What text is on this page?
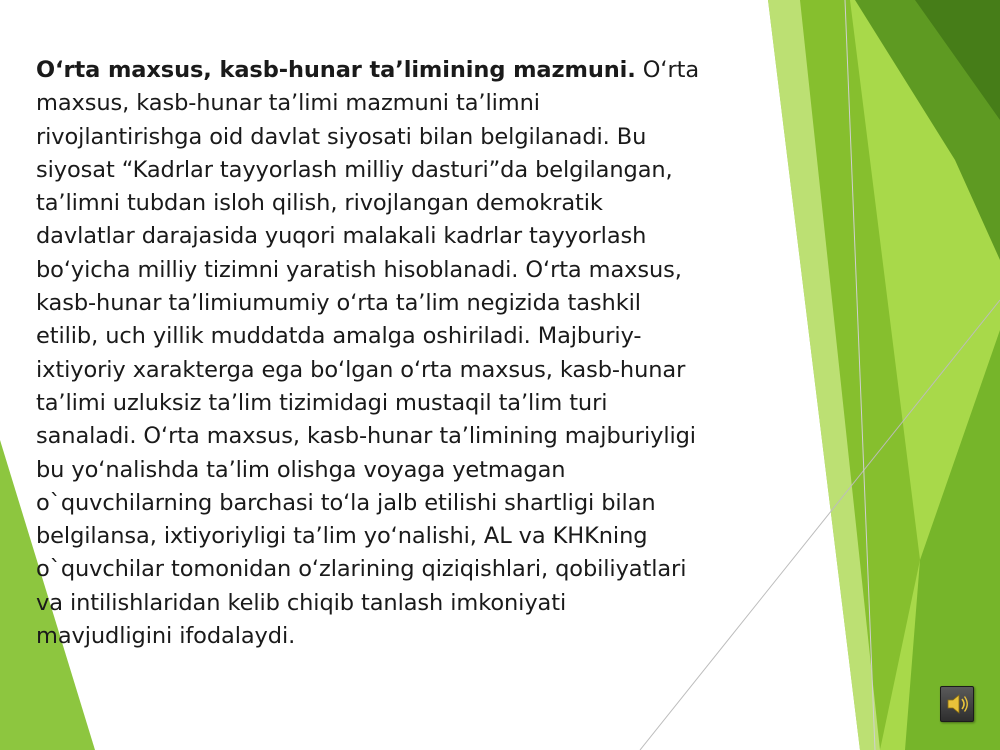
O‘rta maxsus, kasb-hunar ta’limining mazmuni. O‘rta
maxsus, kasb-hunar ta’limi mazmuni ta’limni
rivojlantirishga oid davlat siyosati bilan belgilanadi. Bu
siyosat “Kadrlar tayyorlash milliy dasturi”da belgilangan,
ta’limni tubdan isloh qilish, rivojlangan demokratik
davlatlar darajasida yuqori malakali kadrlar tayyorlash
bo‘yicha milliy tizimni yaratish hisoblanadi. O‘rta maxsus,
kasb-hunar ta’limiumumiy o‘rta ta’lim negizida tashkil
etilib, uch yillik muddatda amalga oshiriladi. Majburiy-
ixtiyoriy xarakterga ega bo‘lgan o‘rta maxsus, kasb-hunar
ta’limi uzluksiz ta’lim tizimidagi mustaqil ta’lim turi
sanaladi. O‘rta maxsus, kasb-hunar ta’limining majburiyligi
bu yo‘nalishda ta’lim olishga voyaga yetmagan
o`quvchilarning barchasi to‘la jalb etilishi shartligi bilan
belgilansa, ixtiyoriyligi ta’lim yo‘nalishi, AL va KHKning
o`quvchilar tomonidan o‘zlarining qiziqishlari, qobiliyatlari
va intilishlaridan kelib chiqib tanlash imkoniyati
mavjudligini ifodalaydi.
